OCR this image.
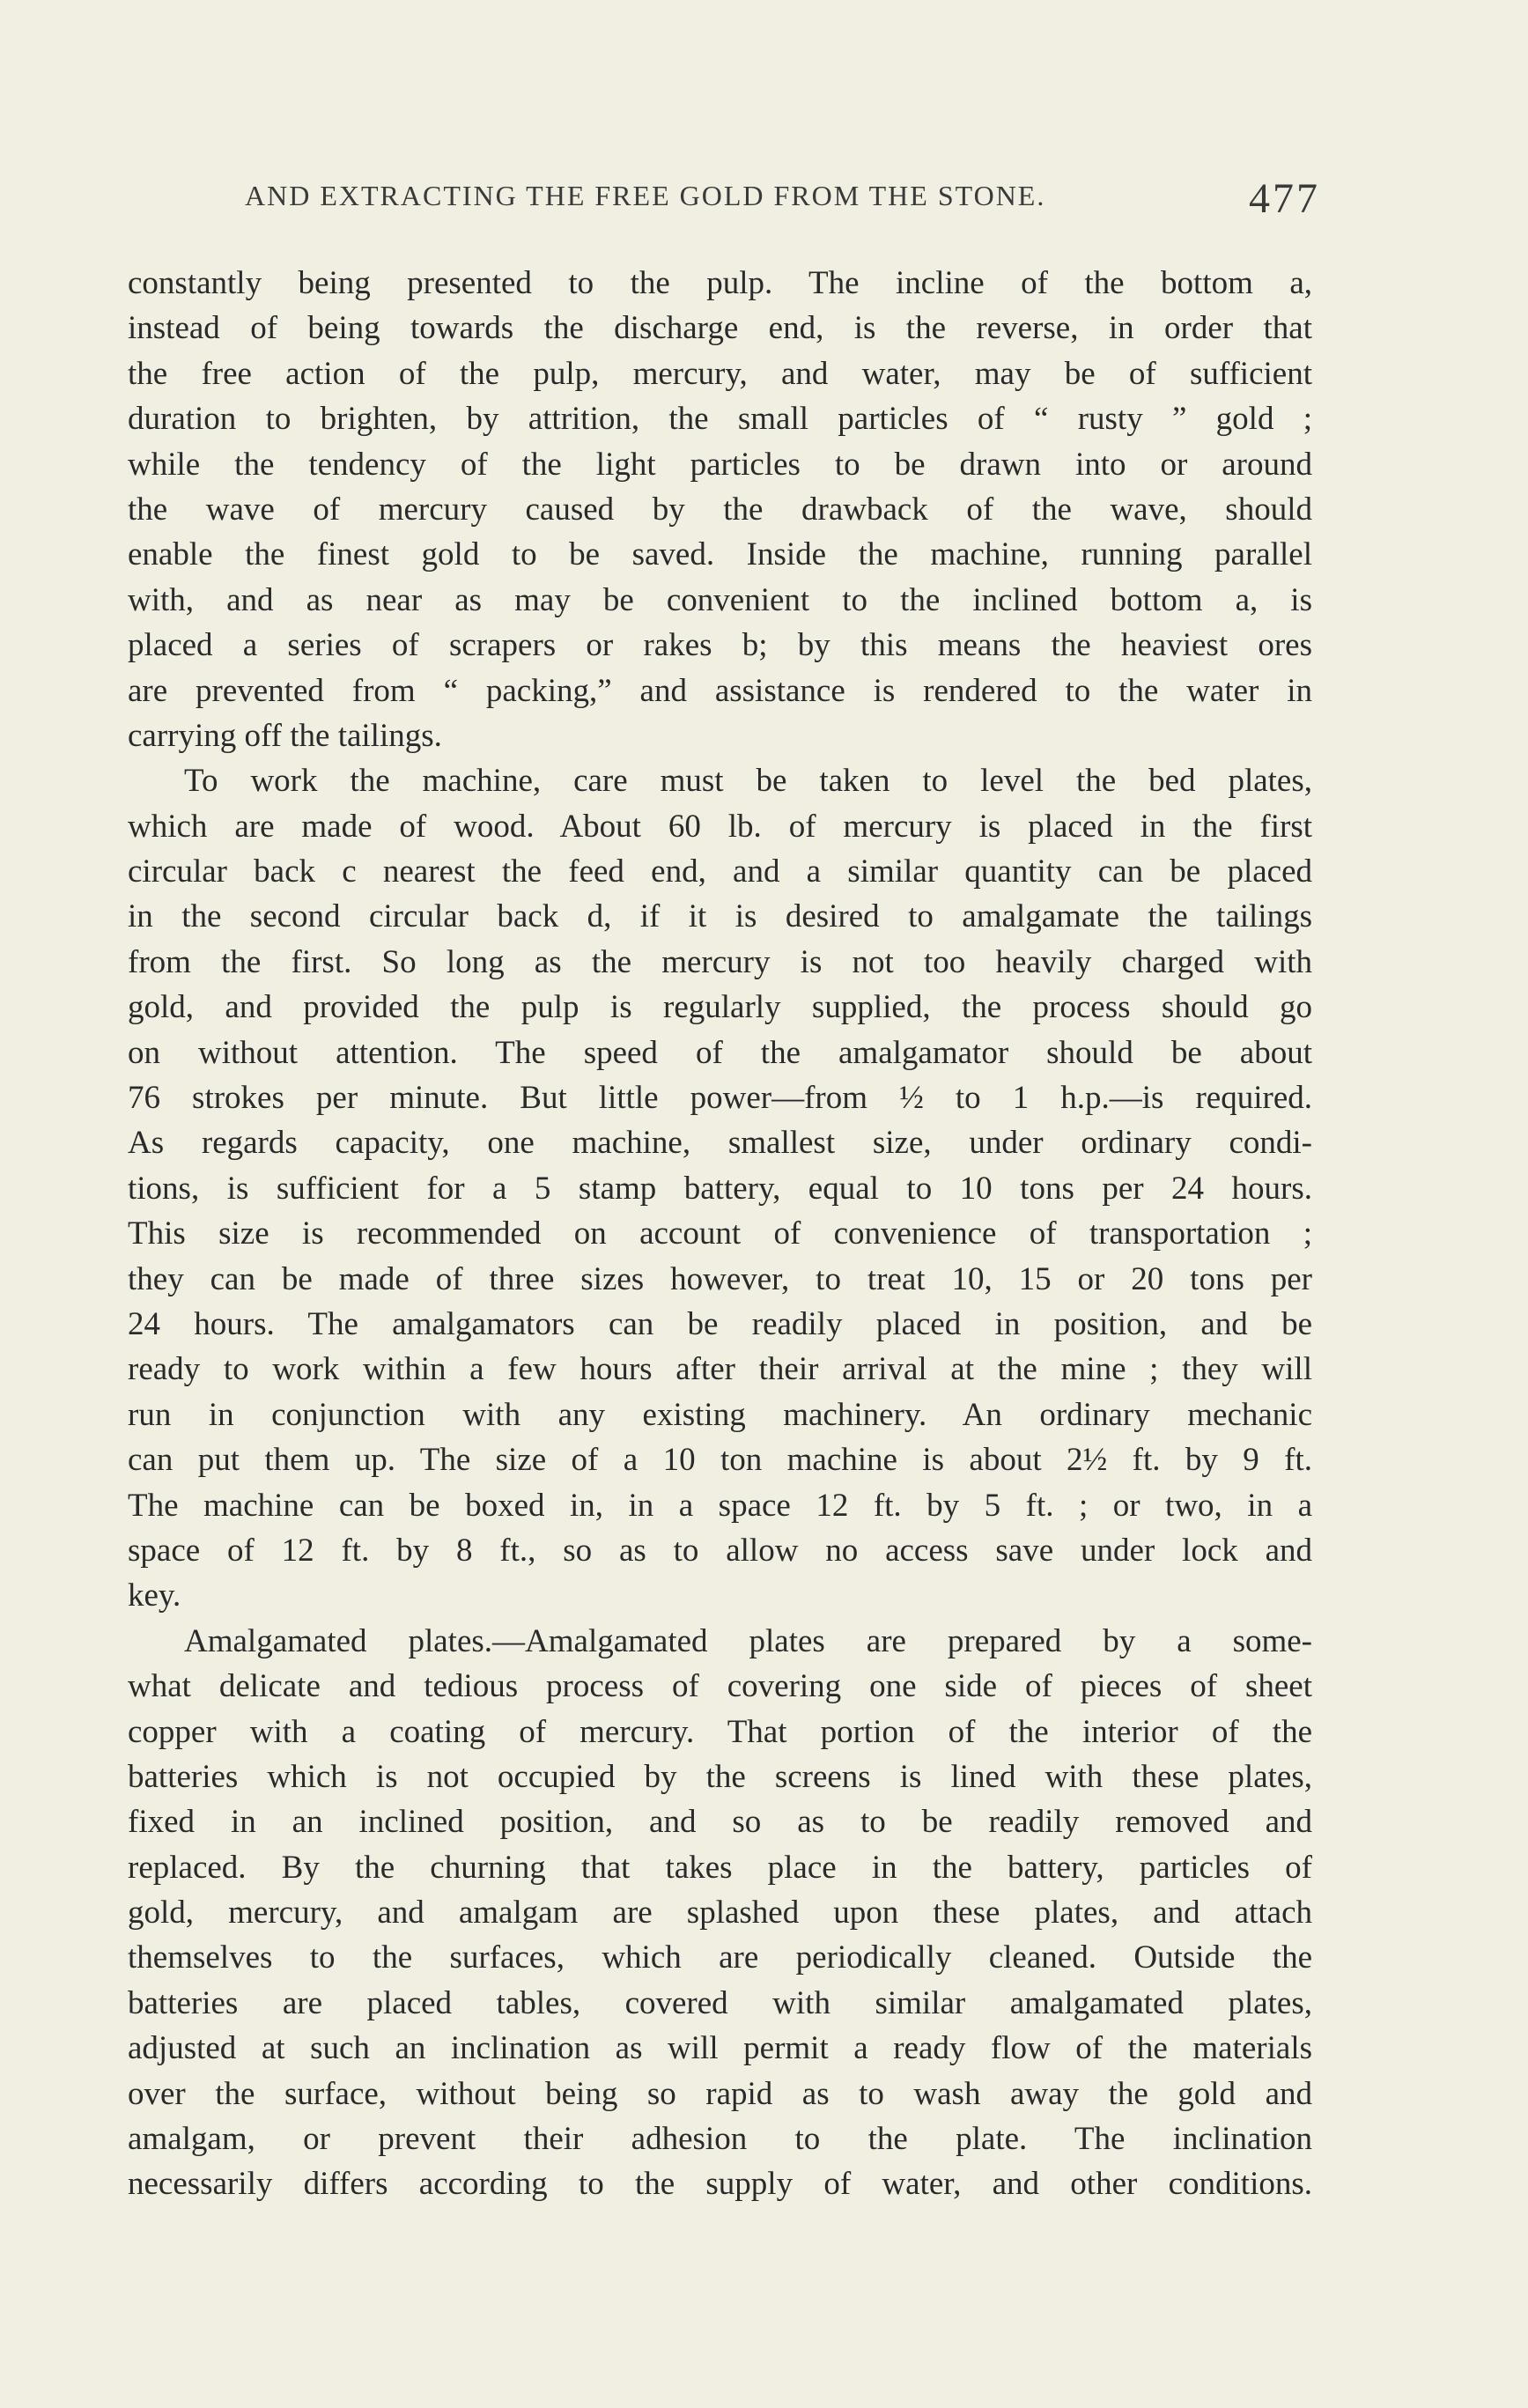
AND EXTRACTING THE FREE GOLD FROM THE STONE.	477
constantly being presented to the pulp. The incline of the bottom a,
instead of being towards the discharge end, is the reverse, in order that
the free action of the pulp, mercury, and water, may be of sufficient
duration to brighten, by attrition, the small particles of “ rusty ” gold ;
while the tendency of the light particles to be drawn into or around
the wave of mercury caused by the drawback of the wave, should
enable the finest gold to be saved. Inside the machine, running parallel
with, and as near as may be convenient to the inclined bottom a, is
placed a series of scrapers or rakes b; by this means the heaviest ores
are prevented from “ packing,” and assistance is rendered to the water in
carrying off the tailings.
To work the machine, care must be taken to level the bed plates,
which are made of wood. About 60 lb. of mercury is placed in the first
circular back c nearest the feed end, and a similar quantity can be placed
in the second circular back d, if it is desired to amalgamate the tailings
from the first. So long as the mercury is not too heavily charged with
gold, and provided the pulp is regularly supplied, the process should go
on without attention. The speed of the amalgamator should be about
76 strokes per minute. But little power—from ½ to 1 h.p.—is required.
As regards capacity, one machine, smallest size, under ordinary condi-
tions, is sufficient for a 5 stamp battery, equal to 10 tons per 24 hours.
This size is recommended on account of convenience of transportation ;
they can be made of three sizes however, to treat 10, 15 or 20 tons per
24 hours. The amalgamators can be readily placed in position, and be
ready to work within a few hours after their arrival at the mine ; they will
run in conjunction with any existing machinery. An ordinary mechanic
can put them up. The size of a 10 ton machine is about 2½ ft. by 9 ft.
The machine can be boxed in, in a space 12 ft. by 5 ft. ; or two, in a
space of 12 ft. by 8 ft., so as to allow no access save under lock and
key.
Amalgamated plates.—Amalgamated plates are prepared by a some-
what delicate and tedious process of covering one side of pieces of sheet
copper with a coating of mercury. That portion of the interior of the
batteries which is not occupied by the screens is lined with these plates,
fixed in an inclined position, and so as to be readily removed and
replaced. By the churning that takes place in the battery, particles of
gold, mercury, and amalgam are splashed upon these plates, and attach
themselves to the surfaces, which are periodically cleaned. Outside the
batteries are placed tables, covered with similar amalgamated plates,
adjusted at such an inclination as will permit a ready flow of the materials
over the surface, without being so rapid as to wash away the gold and
amalgam, or prevent their adhesion to the plate. The inclination
necessarily differs according to the supply of water, and other conditions.
